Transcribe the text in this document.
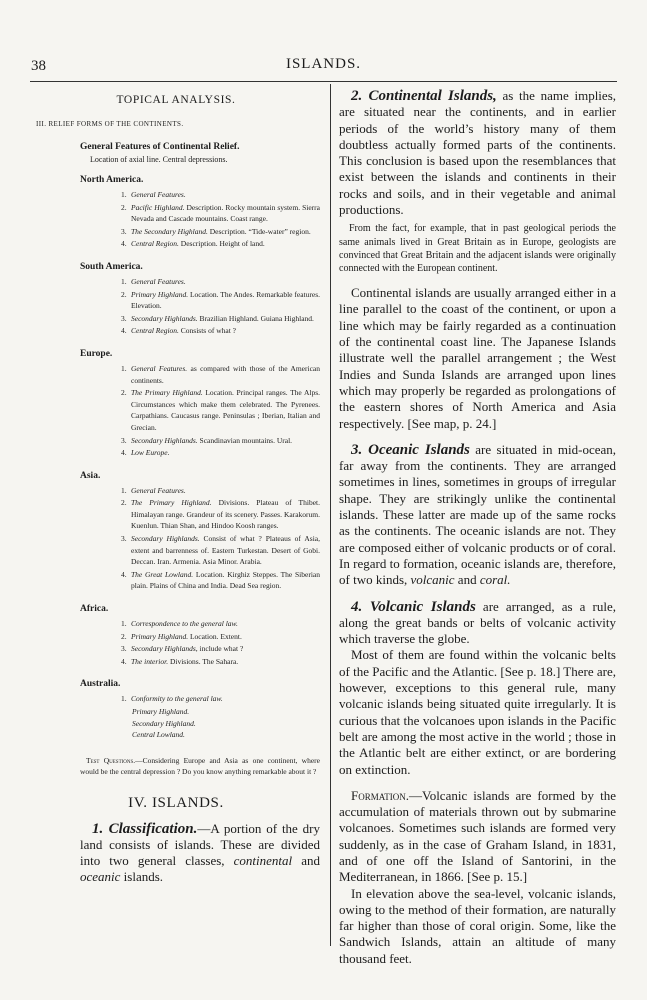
38	ISLANDS.
TOPICAL ANALYSIS.
III. RELIEF FORMS OF THE CONTINENTS.
General Features of Continental Relief.
Location of axial line. Central depressions.
North America.
1. General Features.
2. Pacific Highland. Description. Rocky mountain system. Sierra Nevada and Cascade mountains. Coast range.
3. The Secondary Highland. Description. “Tide-water” region.
4. Central Region. Description. Height of land.
South America.
1. General Features.
2. Primary Highland. Location. The Andes. Remarkable features. Elevation.
3. Secondary Highlands. Brazilian Highland. Guiana Highland.
4. Central Region. Consists of what ?
Europe.
1. General Features. as compared with those of the American continents.
2. The Primary Highland. Location. Principal ranges. The Alps. Circumstances which make them celebrated. The Pyrenees. Carpathians. Caucasus range. Peninsulas ; Iberian, Italian and Grecian.
3. Secondary Highlands. Scandinavian mountains. Ural.
4. Low Europe.
Asia.
1. General Features.
2. The Primary Highland. Divisions. Plateau of Thibet. Himalayan range. Grandeur of its scenery. Passes. Karakorum. Kuenlun. Thian Shan, and Hindoo Koosh ranges.
3. Secondary Highlands. Consist of what ? Plateaus of Asia, extent and barrenness of. Eastern Turkestan. Desert of Gobi. Deccan. Iran. Armenia. Asia Minor. Arabia.
4. The Great Lowland. Location. Kirghiz Steppes. The Siberian plain. Plains of China and India. Dead Sea region.
Africa.
1. Correspondence to the general law.
2. Primary Highland. Location. Extent.
3. Secondary Highlands, include what ?
4. The interior. Divisions. The Sahara.
Australia.
1. Conformity to the general law.
Primary Highland.
Secondary Highland.
Central Lowland.
Test Questions.—Considering Europe and Asia as one continent, where would be the central depression ? Do you know anything remarkable about it ?
IV. ISLANDS.
1. Classification.—A portion of the dry land consists of islands. These are divided into two general classes, continental and oceanic islands.

2. Continental Islands, as the name implies, are situated near the continents, and in earlier periods of the world’s history many of them doubtless actually formed parts of the continents. This conclusion is based upon the resemblances that exist between the islands and continents in their rocks and soils, and in their vegetable and animal productions.

From the fact, for example, that in past geological periods the same animals lived in Great Britain as in Europe, geologists are convinced that Great Britain and the adjacent islands were originally connected with the European continent.

Continental islands are usually arranged either in a line parallel to the coast of the continent, or upon a line which may be fairly regarded as a continuation of the continental coast line. The Japanese Islands illustrate well the parallel arrangement ; the West Indies and Sunda Islands are arranged upon lines which may properly be regarded as prolongations of the eastern shores of North America and Asia respectively. [See map, p. 24.]

3. Oceanic Islands are situated in mid-ocean, far away from the continents. They are arranged sometimes in lines, sometimes in groups of irregular shape. They are strikingly unlike the continental islands. These latter are made up of the same rocks as the continents. The oceanic islands are not. They are composed either of volcanic products or of coral. In regard to formation, oceanic islands are, therefore, of two kinds, volcanic and coral.

4. Volcanic Islands are arranged, as a rule, along the great bands or belts of volcanic activity which traverse the globe.

Most of them are found within the volcanic belts of the Pacific and the Atlantic. [See p. 18.] There are, however, exceptions to this general rule, many volcanic islands being situated quite irregularly. It is curious that the volcanoes upon islands in the Pacific belt are among the most active in the world ; those in the Atlantic belt are either extinct, or are bordering on extinction.

Formation.—Volcanic islands are formed by the accumulation of materials thrown out by submarine volcanoes. Sometimes such islands are formed very suddenly, as in the case of Graham Island, in 1831, and of one off the Island of Santorini, in the Mediterranean, in 1866. [See p. 15.]

In elevation above the sea-level, volcanic islands, owing to the method of their formation, are naturally far higher than those of coral origin. Some, like the Sandwich Islands, attain an altitude of many thousand feet.
